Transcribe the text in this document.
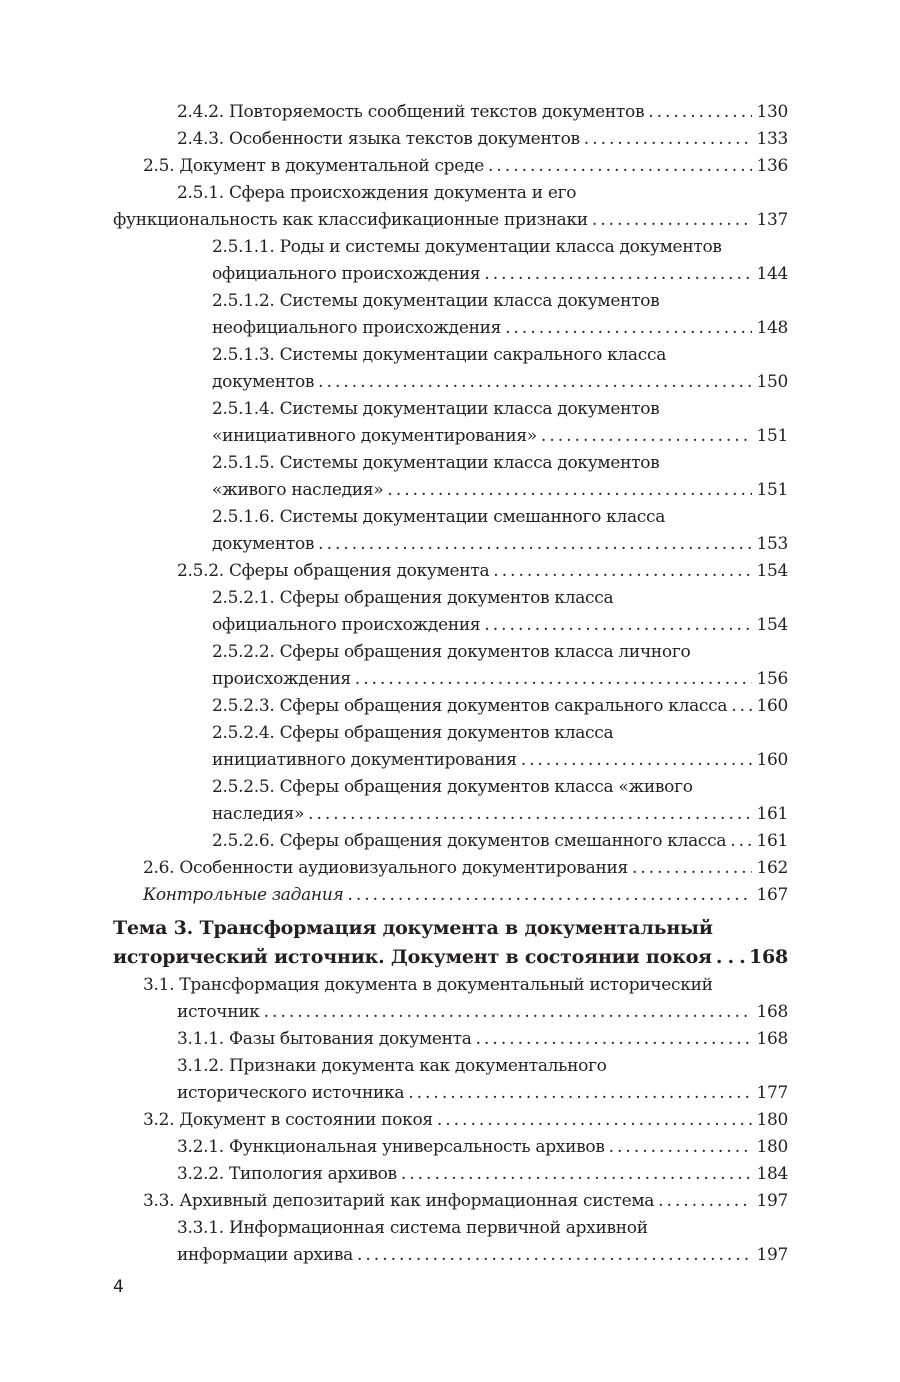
2.4.2. Повторяемость сообщений текстов документов . . .	130
2.4.3. Особенности языка текстов документов . . .	133
2.5. Документ в документальной среде . . .	136
2.5.1. Сфера происхождения документа и его
функциональность как классификационные признаки . . .	137
2.5.1.1. Роды и системы документации класса документов
официального происхождения . . .	144
2.5.1.2. Системы документации класса документов
неофициального происхождения . . .	148
2.5.1.3. Системы документации сакрального класса
документов . . .	150
2.5.1.4. Системы документации класса документов
«инициативного документирования» . . .	151
2.5.1.5. Системы документации класса документов
«живого наследия» . . .	151
2.5.1.6. Системы документации смешанного класса
документов . . .	153
2.5.2. Сферы обращения документа . . .	154
2.5.2.1. Сферы обращения документов класса
официального происхождения . . .	154
2.5.2.2. Сферы обращения документов класса личного
происхождения . . .	156
2.5.2.3. Сферы обращения документов сакрального класса . . . 160
2.5.2.4. Сферы обращения документов класса
инициативного документирования . . .	160
2.5.2.5. Сферы обращения документов класса «живого
наследия» . . .	161
2.5.2.6. Сферы обращения документов смешанного класса . . . 161
2.6. Особенности аудиовизуального документирования . . .	162
Контрольные задания . . .	167
Тема 3. Трансформация документа в документальный
исторический источник. Документ в состоянии покоя . . . 168
3.1. Трансформация документа в документальный исторический
источник . . .	168
3.1.1. Фазы бытования документа . . .	168
3.1.2. Признаки документа как документального
исторического источника . . .	177
3.2. Документ в состоянии покоя . . .	180
3.2.1. Функциональная универсальность архивов . . .	180
3.2.2. Типология архивов . . .	184
3.3. Архивный депозитарий как информационная система . . .	197
3.3.1. Информационная система первичной архивной
информации архива . . .	197
4
